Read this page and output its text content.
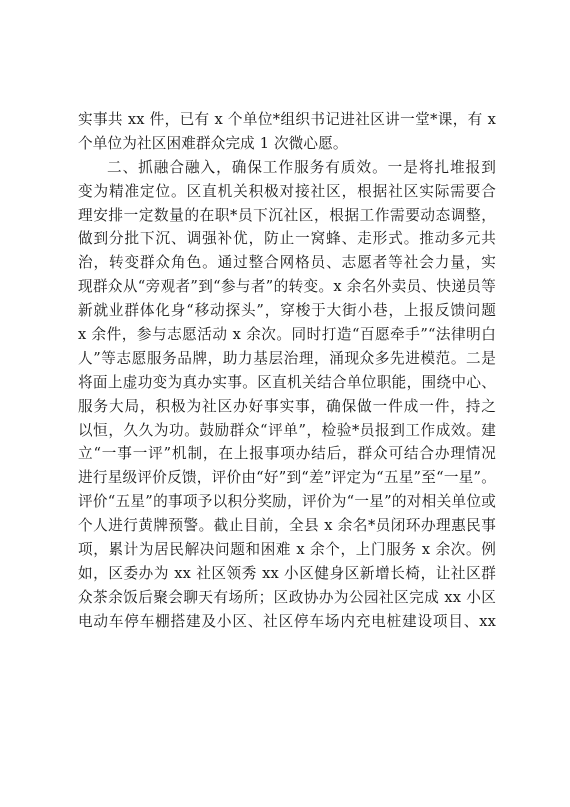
实事共 xx 件，已有 x 个单位*组织书记进社区讲一堂*课，有 x
个单位为社区困难群众完成 1 次微心愿。
二、抓融合融入，确保工作服务有质效。一是将扎堆报到
变为精准定位。区直机关积极对接社区，根据社区实际需要合
理安排一定数量的在职*员下沉社区，根据工作需要动态调整，
做到分批下沉、调强补优，防止一窝蜂、走形式。推动多元共
治，转变群众角色。通过整合网格员、志愿者等社会力量，实
现群众从“旁观者”到“参与者”的转变。x 余名外卖员、快递员等
新就业群体化身“移动探头”，穿梭于大街小巷，上报反馈问题
x 余件，参与志愿活动 x 余次。同时打造“百愿牵手”“法律明白
人”等志愿服务品牌，助力基层治理，涌现众多先进模范。二是
将面上虚功变为真办实事。区直机关结合单位职能，围绕中心、
服务大局，积极为社区办好事实事，确保做一件成一件，持之
以恒，久久为功。鼓励群众“评单”，检验*员报到工作成效。建
立“一事一评”机制，在上报事项办结后，群众可结合办理情况
进行星级评价反馈，评价由“好”到“差”评定为“五星”至“一星”。
评价“五星”的事项予以积分奖励，评价为“一星”的对相关单位或
个人进行黄牌预警。截止目前，全县 x 余名*员闭环办理惠民事
项，累计为居民解决问题和困难 x 余个，上门服务 x 余次。例
如，区委办为 xx 社区领秀 xx 小区健身区新增长椅，让社区群
众茶余饭后聚会聊天有场所；区政协办为公园社区完成 xx 小区
电动车停车棚搭建及小区、社区停车场内充电桩建设项目、xx
